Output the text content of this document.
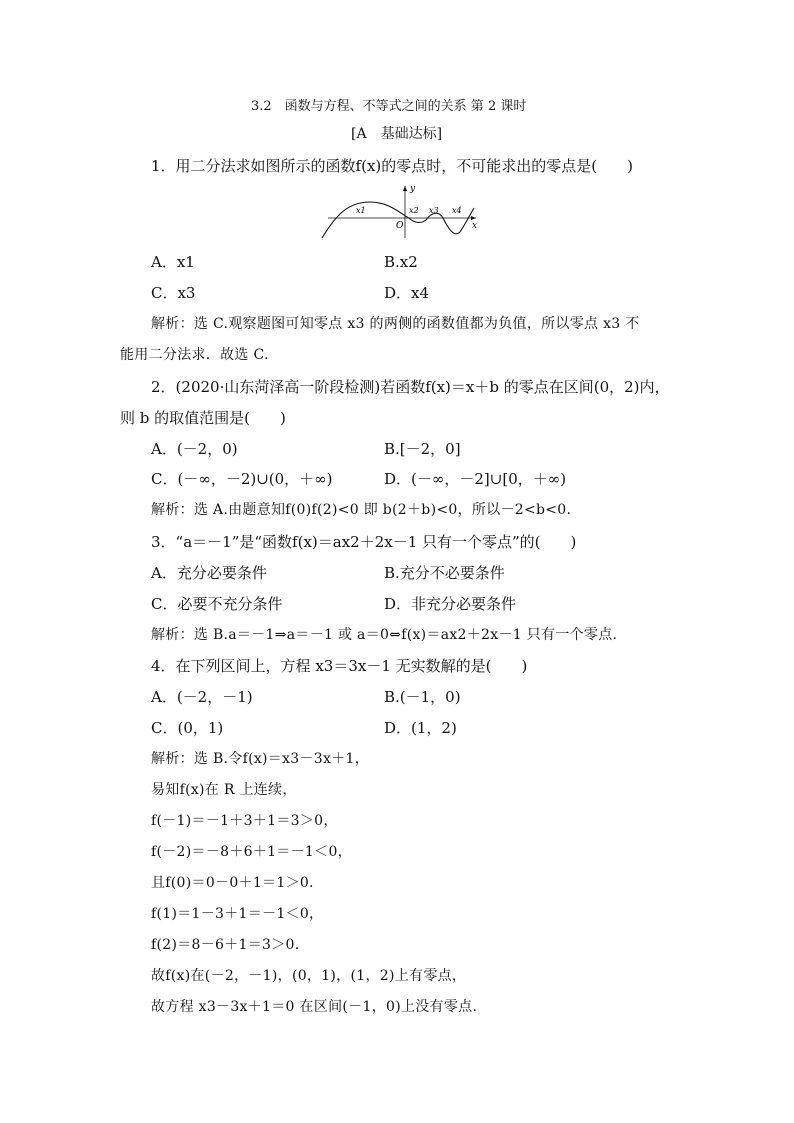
3.2　函数与方程、不等式之间的关系 第 2 课时
[A　基础达标]
1．用二分法求如图所示的函数f(x)的零点时，不可能求出的零点是(　　)
y
x
O
x1	x2 x3 x4
A．x1	B.x2
C．x3	D．x4
解析：选 C.观察题图可知零点 x3 的两侧的函数值都为负值，所以零点 x3 不
能用二分法求．故选 C.
2．(2020·山东菏泽高一阶段检测)若函数f(x)＝x＋b 的零点在区间(0，2)内，
则 b 的取值范围是(　　)
A．(－2，0)	B.[－2，0]
C．(－∞，－2)∪(0，＋∞)	D．(－∞，－2]∪[0，＋∞)
解析：选 A.由题意知f(0)f(2)<0 即 b(2＋b)<0，所以－2<b<0.
3．“a＝－1”是“函数f(x)＝ax2＋2x－1 只有一个零点”的(　　)
A．充分必要条件	B.充分不必要条件
C．必要不充分条件	D．非充分必要条件
解析：选 B.a＝－1⇒a＝－1 或 a＝0⇔f(x)＝ax2＋2x－1 只有一个零点.
4．在下列区间上，方程 x3＝3x－1 无实数解的是(　　)
A．(－2，－1)	B.(－1，0)
C．(0，1)	D．(1，2)
解析：选 B.令f(x)＝x3－3x＋1，
易知f(x)在 R 上连续，
f(－1)＝－1＋3＋1＝3＞0，
f(－2)＝－8＋6＋1＝－1＜0，
且f(0)＝0－0＋1＝1＞0.
f(1)＝1－3＋1＝－1＜0，
f(2)＝8－6＋1＝3＞0.
故f(x)在(－2，－1)，(0，1)，(1，2)上有零点，
故方程 x3－3x＋1＝0 在区间(－1，0)上没有零点.
